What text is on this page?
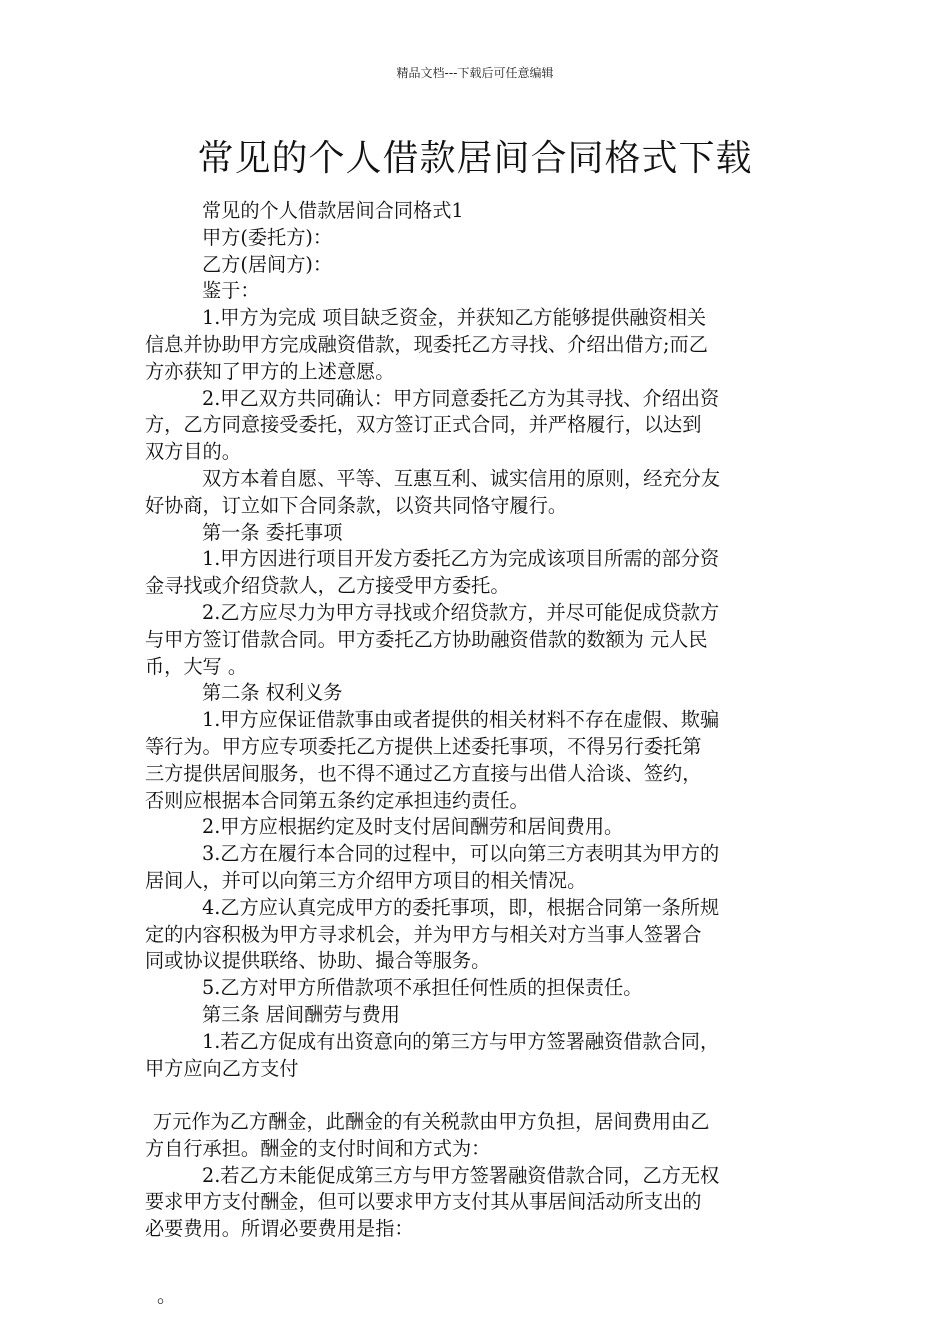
精品文档---下载后可任意编辑
常见的个人借款居间合同格式下载
常见的个人借款居间合同格式1
甲方(委托方)：
乙方(居间方)：
鉴于：
1.甲方为完成 项目缺乏资金，并获知乙方能够提供融资相关
信息并协助甲方完成融资借款，现委托乙方寻找、介绍出借方;而乙
方亦获知了甲方的上述意愿。
2.甲乙双方共同确认：甲方同意委托乙方为其寻找、介绍出资
方，乙方同意接受委托，双方签订正式合同，并严格履行，以达到
双方目的。
双方本着自愿、平等、互惠互利、诚实信用的原则，经充分友
好协商，订立如下合同条款，以资共同恪守履行。
第一条 委托事项
1.甲方因进行项目开发方委托乙方为完成该项目所需的部分资
金寻找或介绍贷款人，乙方接受甲方委托。
2.乙方应尽力为甲方寻找或介绍贷款方，并尽可能促成贷款方
与甲方签订借款合同。甲方委托乙方协助融资借款的数额为 元人民
币，大写 。
第二条 权利义务
1.甲方应保证借款事由或者提供的相关材料不存在虚假、欺骗
等行为。甲方应专项委托乙方提供上述委托事项，不得另行委托第
三方提供居间服务，也不得不通过乙方直接与出借人洽谈、签约，
否则应根据本合同第五条约定承担违约责任。
2.甲方应根据约定及时支付居间酬劳和居间费用。
3.乙方在履行本合同的过程中，可以向第三方表明其为甲方的
居间人，并可以向第三方介绍甲方项目的相关情况。
4.乙方应认真完成甲方的委托事项，即，根据合同第一条所规
定的内容积极为甲方寻求机会，并为甲方与相关对方当事人签署合
同或协议提供联络、协助、撮合等服务。
5.乙方对甲方所借款项不承担任何性质的担保责任。
第三条 居间酬劳与费用
1.若乙方促成有出资意向的第三方与甲方签署融资借款合同，
甲方应向乙方支付
万元作为乙方酬金，此酬金的有关税款由甲方负担，居间费用由乙
方自行承担。酬金的支付时间和方式为：
2.若乙方未能促成第三方与甲方签署融资借款合同，乙方无权
要求甲方支付酬金，但可以要求甲方支付其从事居间活动所支出的
必要费用。所谓必要费用是指：
。
